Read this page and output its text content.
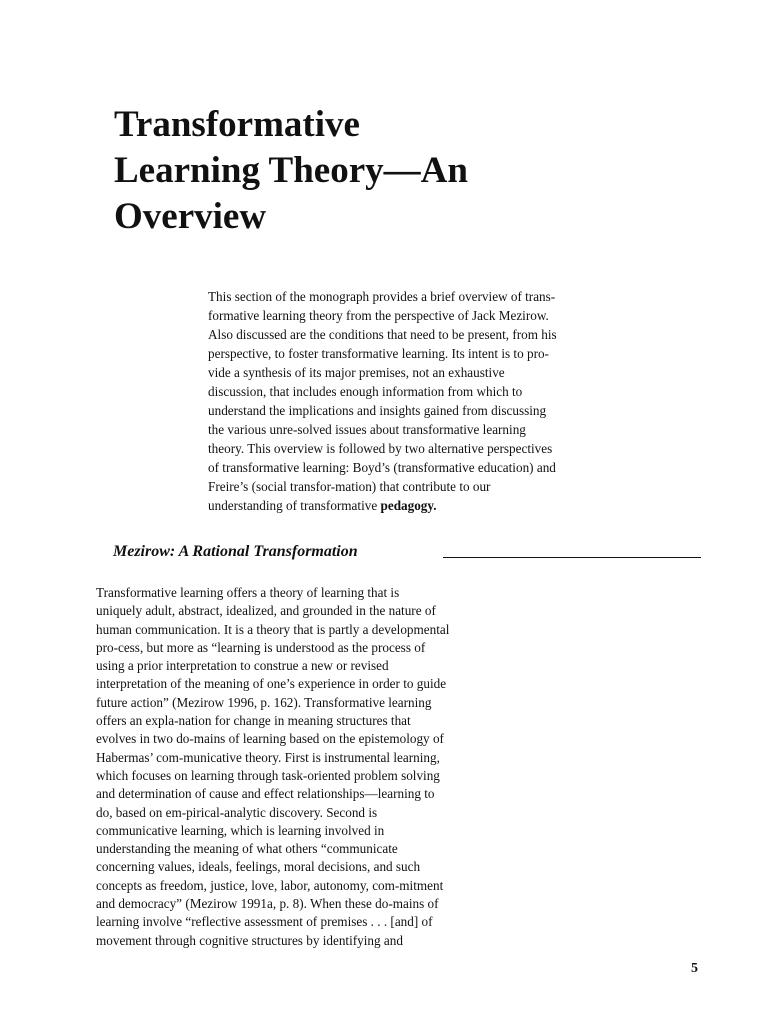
Transformative
Learning Theory—An
Overview
This section of the monograph provides a brief overview of trans-
formative learning theory from the perspective of Jack Mezirow.
Also discussed are the conditions that need to be present, from his
perspective, to foster transformative learning. Its intent is to pro-
vide a synthesis of its major premises, not an exhaustive
discussion, that includes enough information from which to
understand the implications and insights gained from discussing
the various unre-solved issues about transformative learning
theory. This overview is followed by two alternative perspectives
of transformative learning: Boyd’s (transformative education) and
Freire’s (social transfor-mation) that contribute to our
understanding of transformative pedagogy.
Mezirow: A Rational Transformation
Transformative learning offers a theory of learning that is
uniquely adult, abstract, idealized, and grounded in the nature of
human communication. It is a theory that is partly a developmental
pro-cess, but more as “learning is understood as the process of
using a prior interpretation to construe a new or revised
interpretation of the meaning of one’s experience in order to guide
future action” (Mezirow 1996, p. 162). Transformative learning
offers an expla-nation for change in meaning structures that
evolves in two do-mains of learning based on the epistemology of
Habermas’ com-municative theory. First is instrumental learning,
which focuses on learning through task-oriented problem solving
and determination of cause and effect relationships—learning to
do, based on em-pirical-analytic discovery. Second is
communicative learning, which is learning involved in
understanding the meaning of what others “communicate
concerning values, ideals, feelings, moral decisions, and such
concepts as freedom, justice, love, labor, autonomy, com-mitment
and democracy” (Mezirow 1991a, p. 8). When these do-mains of
learning involve “reflective assessment of premises . . . [and] of
movement through cognitive structures by identifying and
5
